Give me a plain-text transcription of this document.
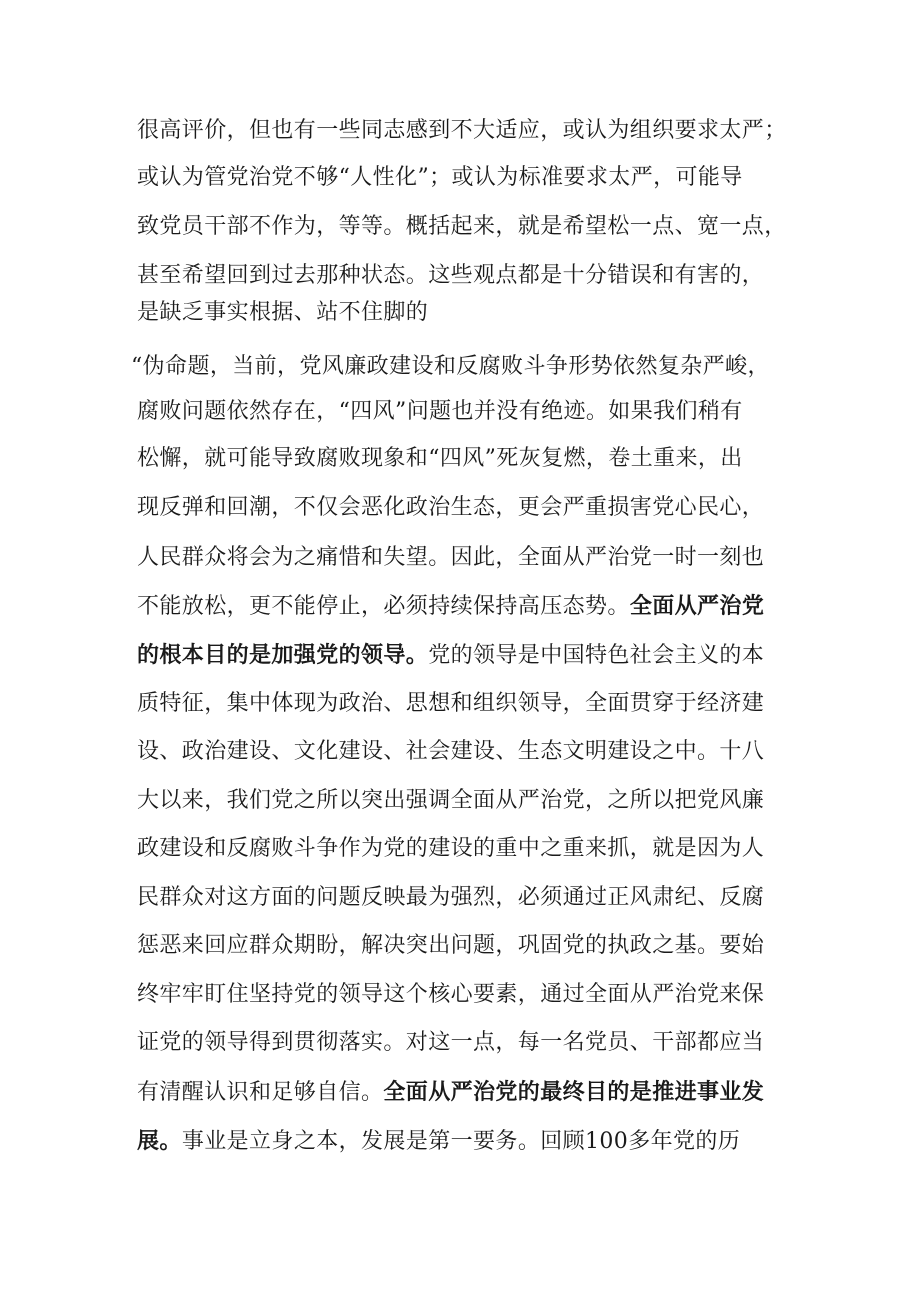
很高评价，但也有一些同志感到不大适应，或认为组织要求太严；
或认为管党治党不够“人性化”；或认为标准要求太严，可能导
致党员干部不作为，等等。概括起来，就是希望松一点、宽一点，
甚至希望回到过去那种状态。这些观点都是十分错误和有害的，
是缺乏事实根据、站不住脚的
“伪命题，当前，党风廉政建设和反腐败斗争形势依然复杂严峻，
腐败问题依然存在，“四风”问题也并没有绝迹。如果我们稍有
松懈，就可能导致腐败现象和“四风”死灰复燃，卷土重来，出
现反弹和回潮，不仅会恶化政治生态，更会严重损害党心民心，
人民群众将会为之痛惜和失望。因此，全面从严治党一时一刻也
不能放松，更不能停止，必须持续保持高压态势。全面从严治党
的根本目的是加强党的领导。党的领导是中国特色社会主义的本
质特征，集中体现为政治、思想和组织领导，全面贯穿于经济建
设、政治建设、文化建设、社会建设、生态文明建设之中。十八
大以来，我们党之所以突出强调全面从严治党，之所以把党风廉
政建设和反腐败斗争作为党的建设的重中之重来抓，就是因为人
民群众对这方面的问题反映最为强烈，必须通过正风肃纪、反腐
惩恶来回应群众期盼，解决突出问题，巩固党的执政之基。要始
终牢牢盯住坚持党的领导这个核心要素，通过全面从严治党来保
证党的领导得到贯彻落实。对这一点，每一名党员、干部都应当
有清醒认识和足够自信。全面从严治党的最终目的是推进事业发
展。事业是立身之本，发展是第一要务。回顾100多年党的历
